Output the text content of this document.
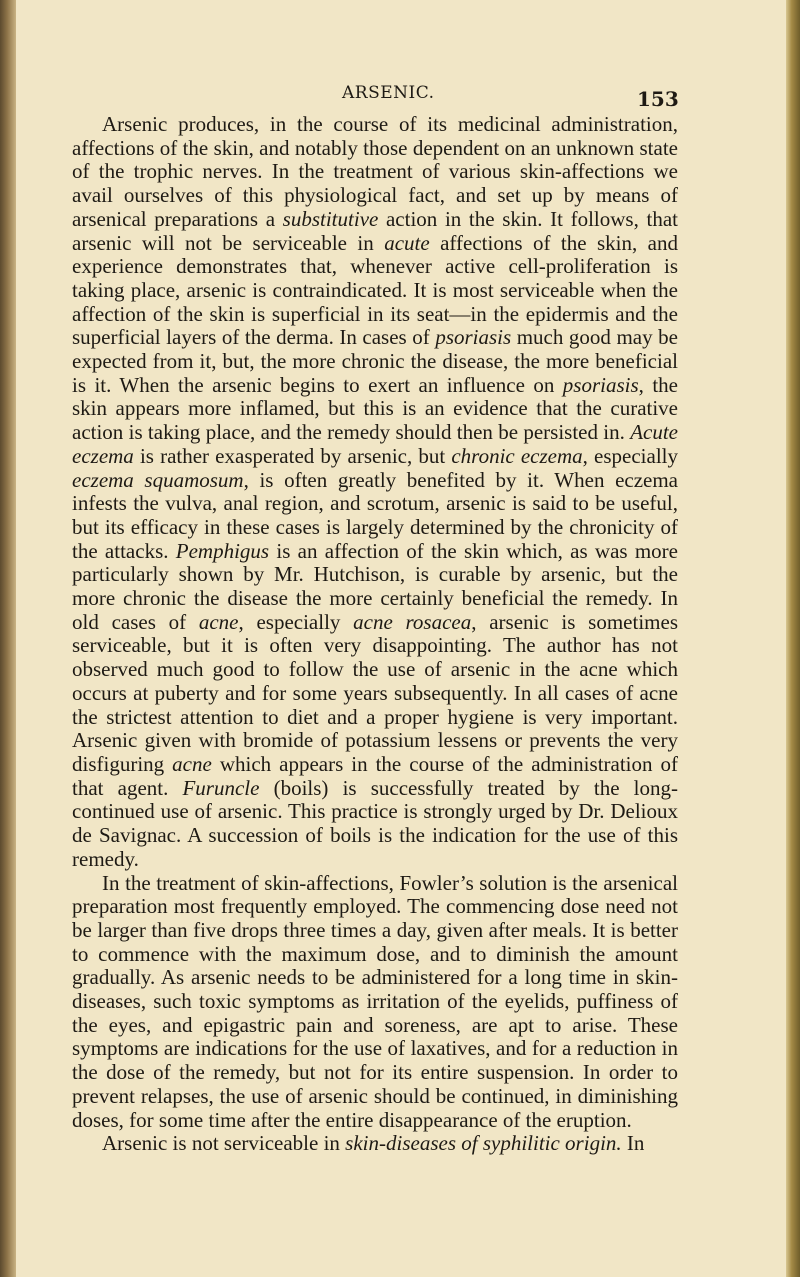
ARSENIC.	153

Arsenic produces, in the course of its medicinal administration, affections of the skin, and notably those dependent on an unknown state of the trophic nerves. In the treatment of various skin-affections we avail ourselves of this physiological fact, and set up by means of arsenical preparations a substitutive action in the skin. It follows, that arsenic will not be serviceable in acute affections of the skin, and experience demonstrates that, whenever active cell-proliferation is taking place, arsenic is contraindicated. It is most serviceable when the affection of the skin is superficial in its seat—in the epidermis and the superficial layers of the derma. In cases of psoriasis much good may be expected from it, but, the more chronic the disease, the more beneficial is it. When the arsenic begins to exert an influence on psoriasis, the skin appears more inflamed, but this is an evidence that the curative action is taking place, and the remedy should then be persisted in. Acute eczema is rather exasperated by arsenic, but chronic eczema, especially eczema squamosum, is often greatly benefited by it. When eczema infests the vulva, anal region, and scrotum, arsenic is said to be useful, but its efficacy in these cases is largely determined by the chronicity of the attacks. Pemphigus is an affection of the skin which, as was more particularly shown by Mr. Hutchison, is curable by arsenic, but the more chronic the disease the more certainly beneficial the remedy. In old cases of acne, especially acne rosacea, arsenic is sometimes serviceable, but it is often very disappointing. The author has not observed much good to follow the use of arsenic in the acne which occurs at puberty and for some years subsequently. In all cases of acne the strictest attention to diet and a proper hygiene is very important. Arsenic given with bromide of potassium lessens or prevents the very disfiguring acne which appears in the course of the administration of that agent. Furuncle (boils) is successfully treated by the long-continued use of arsenic. This practice is strongly urged by Dr. Delioux de Savignac. A succession of boils is the indication for the use of this remedy.

In the treatment of skin-affections, Fowler’s solution is the arsenical preparation most frequently employed. The commencing dose need not be larger than five drops three times a day, given after meals. It is better to commence with the maximum dose, and to diminish the amount gradually. As arsenic needs to be administered for a long time in skin-diseases, such toxic symptoms as irritation of the eyelids, puffiness of the eyes, and epigastric pain and soreness, are apt to arise. These symptoms are indications for the use of laxatives, and for a reduction in the dose of the remedy, but not for its entire suspension. In order to prevent relapses, the use of arsenic should be continued, in diminishing doses, for some time after the entire disappearance of the eruption.

Arsenic is not serviceable in skin-diseases of syphilitic origin. In
